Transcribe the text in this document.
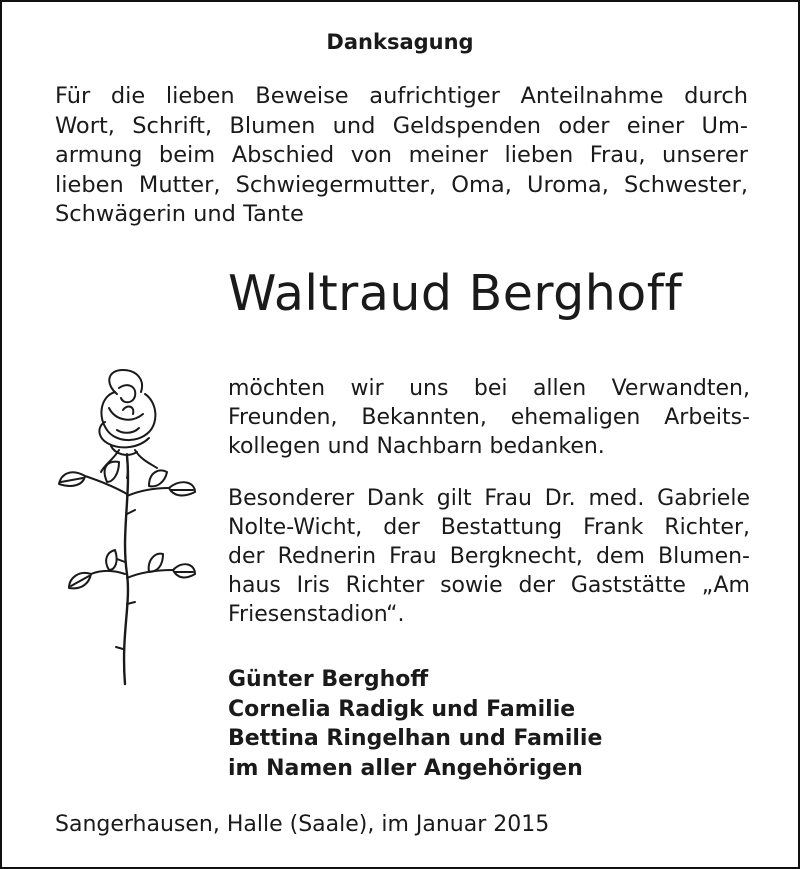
Danksagung
Für die lieben Beweise aufrichtiger Anteilnahme durch
Wort, Schrift, Blumen und Geldspenden oder einer Um-
armung beim Abschied von meiner lieben Frau, unserer
lieben Mutter, Schwiegermutter, Oma, Uroma, Schwester,
Schwägerin und Tante
Waltraud Berghoff
möchten wir uns bei allen Verwandten,
Freunden, Bekannten, ehemaligen Arbeits-
kollegen und Nachbarn bedanken.
Besonderer Dank gilt Frau Dr. med. Gabriele
Nolte-Wicht, der Bestattung Frank Richter,
der Rednerin Frau Bergknecht, dem Blumen-
haus Iris Richter sowie der Gaststätte „Am
Friesenstadion“.
Günter Berghoff
Cornelia Radigk und Familie
Bettina Ringelhan und Familie
im Namen aller Angehörigen
Sangerhausen, Halle (Saale), im Januar 2015
